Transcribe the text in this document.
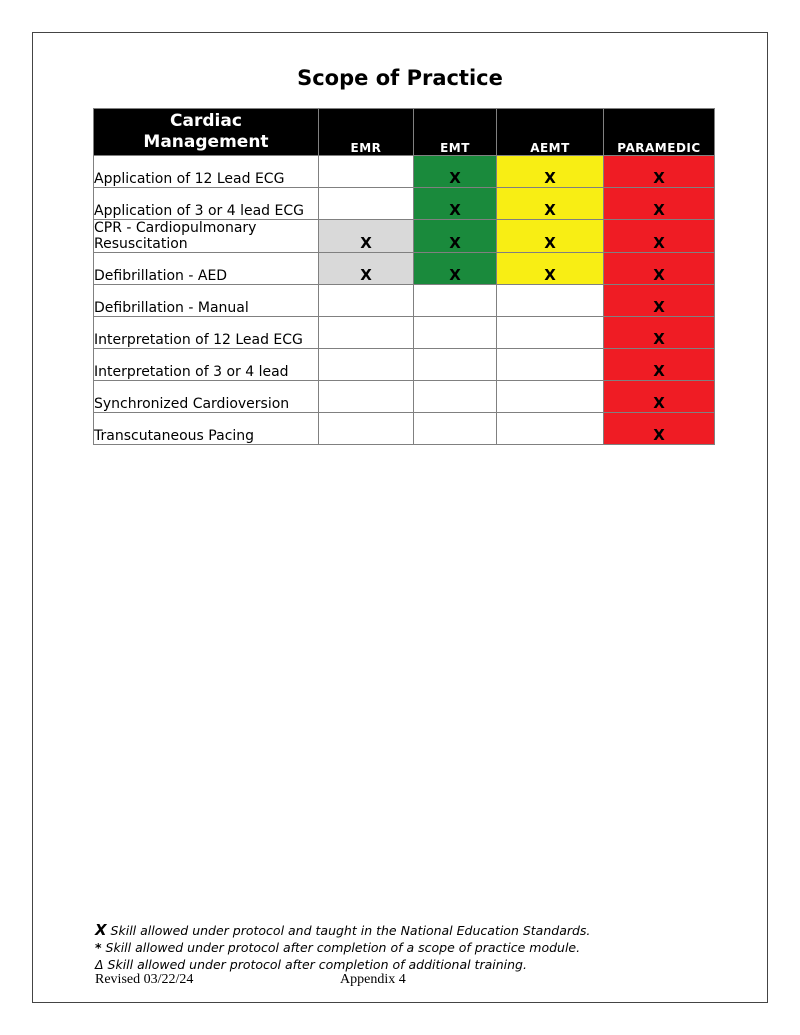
Scope of Practice
Cardiac
Management	EMR	EMT	AEMT	PARAMEDIC
Application of 12 Lead ECG		X	X	X
Application of 3 or 4 lead ECG		X	X	X
CPR - Cardiopulmonary Resuscitation	X	X	X	X
Defibrillation - AED	X	X	X	X
Defibrillation - Manual				X
Interpretation of 12 Lead ECG				X
Interpretation of 3 or 4 lead				X
Synchronized Cardioversion				X
Transcutaneous Pacing				X
X Skill allowed under protocol and taught in the National Education Standards.
* Skill allowed under protocol after completion of a scope of practice module.
Δ Skill allowed under protocol after completion of additional training.
Revised 03/22/24	Appendix 4
